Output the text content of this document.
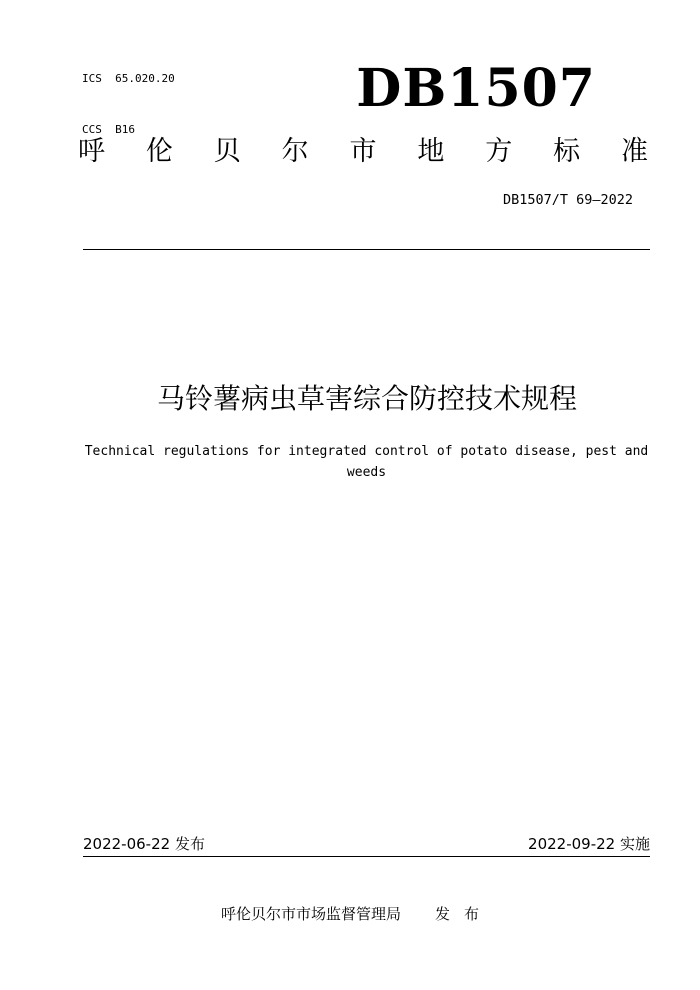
ICS  65.020.20

CCS  B16

DB1507
呼 伦 贝 尔 市 地 方 标 准
DB1507/T 69—2022
马铃薯病虫草害综合防控技术规程
Technical regulations for integrated control of potato disease, pest and weeds
2022-06-22 发布	2022-09-22 实施
呼伦贝尔市市场监督管理局 发布
